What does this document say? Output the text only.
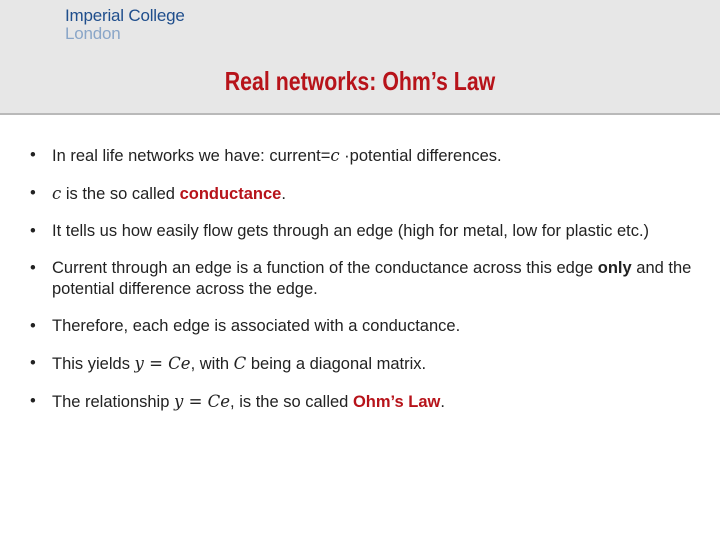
Imperial College
London
Real networks: Ohm’s Law
• In real life networks we have: current=c ·potential differences.
• c is the so called conductance.
• It tells us how easily flow gets through an edge (high for metal, low for plastic etc.)
• Current through an edge is a function of the conductance across this edge only and the potential difference across the edge.
• Therefore, each edge is associated with a conductance.
• This yields y = Ce, with C being a diagonal matrix.
• The relationship y = Ce, is the so called Ohm’s Law.
